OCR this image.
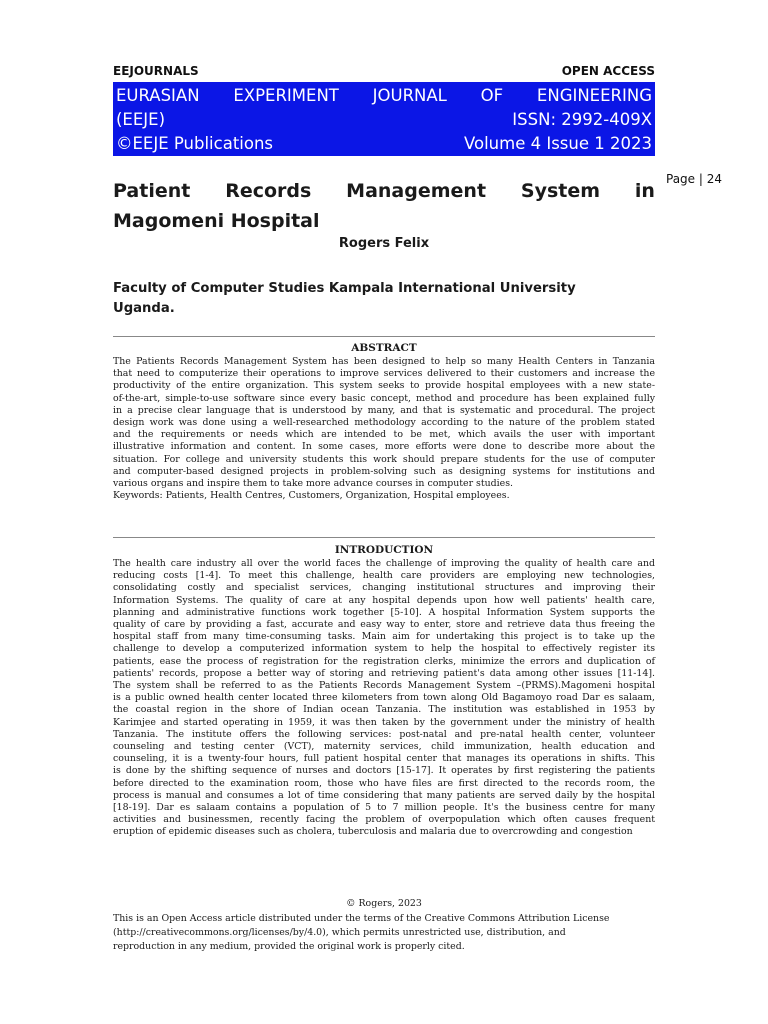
EEJOURNALS	OPEN ACCESS
EURASIAN EXPERIMENT JOURNAL OF ENGINEERING
(EEJE)	ISSN: 2992-409X
©EEJE Publications	Volume 4 Issue 1 2023
Page | 24
Patient Records Management System in
Magomeni Hospital
Rogers Felix
Faculty of Computer Studies Kampala International University
Uganda.
ABSTRACT
The Patients Records Management System has been designed to help so many Health Centers in Tanzania
that need to computerize their operations to improve services delivered to their customers and increase the
productivity of the entire organization. This system seeks to provide hospital employees with a new state-
of-the-art, simple-to-use software since every basic concept, method and procedure has been explained fully
in a precise clear language that is understood by many, and that is systematic and procedural. The project
design work was done using a well-researched methodology according to the nature of the problem stated
and the requirements or needs which are intended to be met, which avails the user with important
illustrative information and content. In some cases, more efforts were done to describe more about the
situation. For college and university students this work should prepare students for the use of computer
and computer-based designed projects in problem-solving such as designing systems for institutions and
various organs and inspire them to take more advance courses in computer studies.
Keywords: Patients, Health Centres, Customers, Organization, Hospital employees.
INTRODUCTION
The health care industry all over the world faces the challenge of improving the quality of health care and
reducing costs [1-4]. To meet this challenge, health care providers are employing new technologies,
consolidating costly and specialist services, changing institutional structures and improving their
Information Systems. The quality of care at any hospital depends upon how well patients' health care,
planning and administrative functions work together [5-10]. A hospital Information System supports the
quality of care by providing a fast, accurate and easy way to enter, store and retrieve data thus freeing the
hospital staff from many time-consuming tasks. Main aim for undertaking this project is to take up the
challenge to develop a computerized information system to help the hospital to effectively register its
patients, ease the process of registration for the registration clerks, minimize the errors and duplication of
patients' records, propose a better way of storing and retrieving patient's data among other issues [11-14].
The system shall be referred to as the Patients Records Management System –(PRMS).Magomeni hospital
is a public owned health center located three kilometers from town along Old Bagamoyo road Dar es salaam,
the coastal region in the shore of Indian ocean Tanzania. The institution was established in 1953 by
Karimjee and started operating in 1959, it was then taken by the government under the ministry of health
Tanzania. The institute offers the following services: post-natal and pre-natal health center, volunteer
counseling and testing center (VCT), maternity services, child immunization, health education and
counseling, it is a twenty-four hours, full patient hospital center that manages its operations in shifts. This
is done by the shifting sequence of nurses and doctors [15-17]. It operates by first registering the patients
before directed to the examination room, those who have files are first directed to the records room, the
process is manual and consumes a lot of time considering that many patients are served daily by the hospital
[18-19]. Dar es salaam contains a population of 5 to 7 million people. It's the business centre for many
activities and businessmen, recently facing the problem of overpopulation which often causes frequent
eruption of epidemic diseases such as cholera, tuberculosis and malaria due to overcrowding and congestion
© Rogers, 2023
This is an Open Access article distributed under the terms of the Creative Commons Attribution License
(http://creativecommons.org/licenses/by/4.0), which permits unrestricted use, distribution, and
reproduction in any medium, provided the original work is properly cited.
